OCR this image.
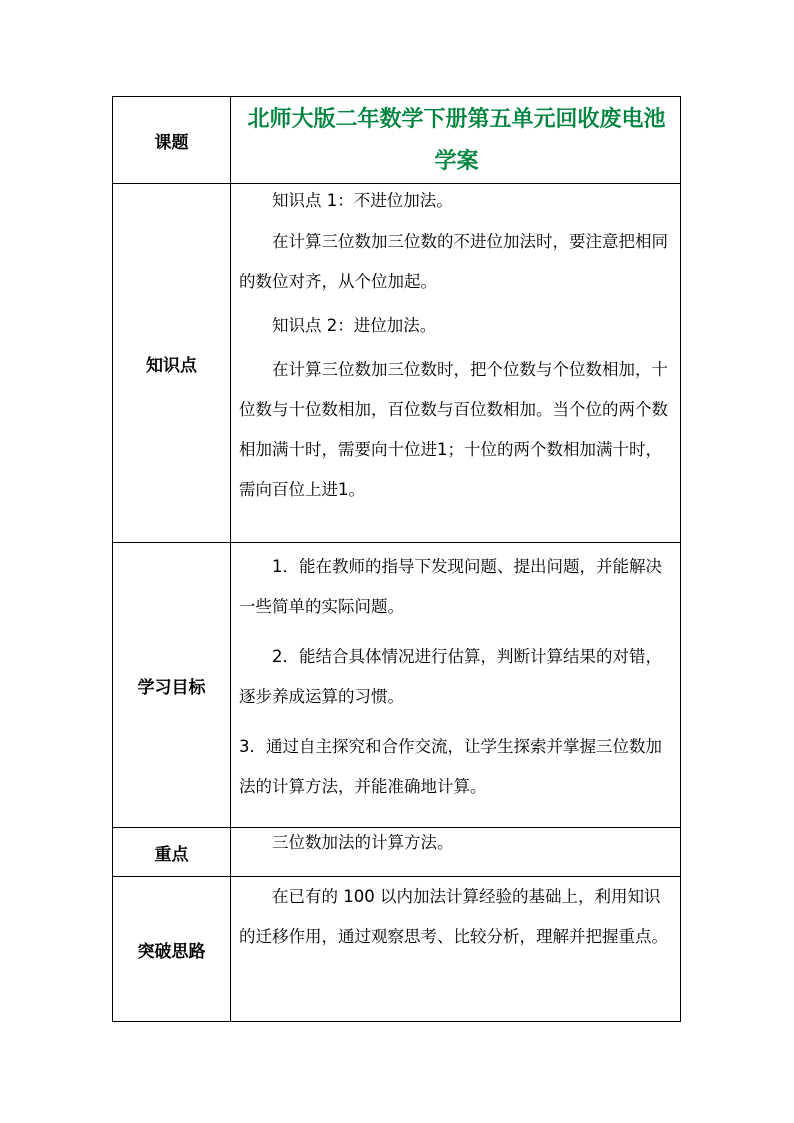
课题	北师大版二年数学下册第五单元回收废电池学案

知识点	知识点 1：不进位加法。

在计算三位数加三位数的不进位加法时，要注意把相同的数位对齐，从个位加起。

知识点 2：进位加法。

在计算三位数加三位数时，把个位数与个位数相加，十位数与十位数相加，百位数与百位数相加。当个位的两个数相加满十时，需要向十位进1；十位的两个数相加满十时，需向百位上进1。

学习目标	1．能在教师的指导下发现问题、提出问题，并能解决一些简单的实际问题。

2．能结合具体情况进行估算，判断计算结果的对错，逐步养成运算的习惯。

3．通过自主探究和合作交流，让学生探索并掌握三位数加法的计算方法，并能准确地计算。

重点	三位数加法的计算方法。

突破思路	在已有的 100 以内加法计算经验的基础上，利用知识的迁移作用，通过观察思考、比较分析，理解并把握重点。
